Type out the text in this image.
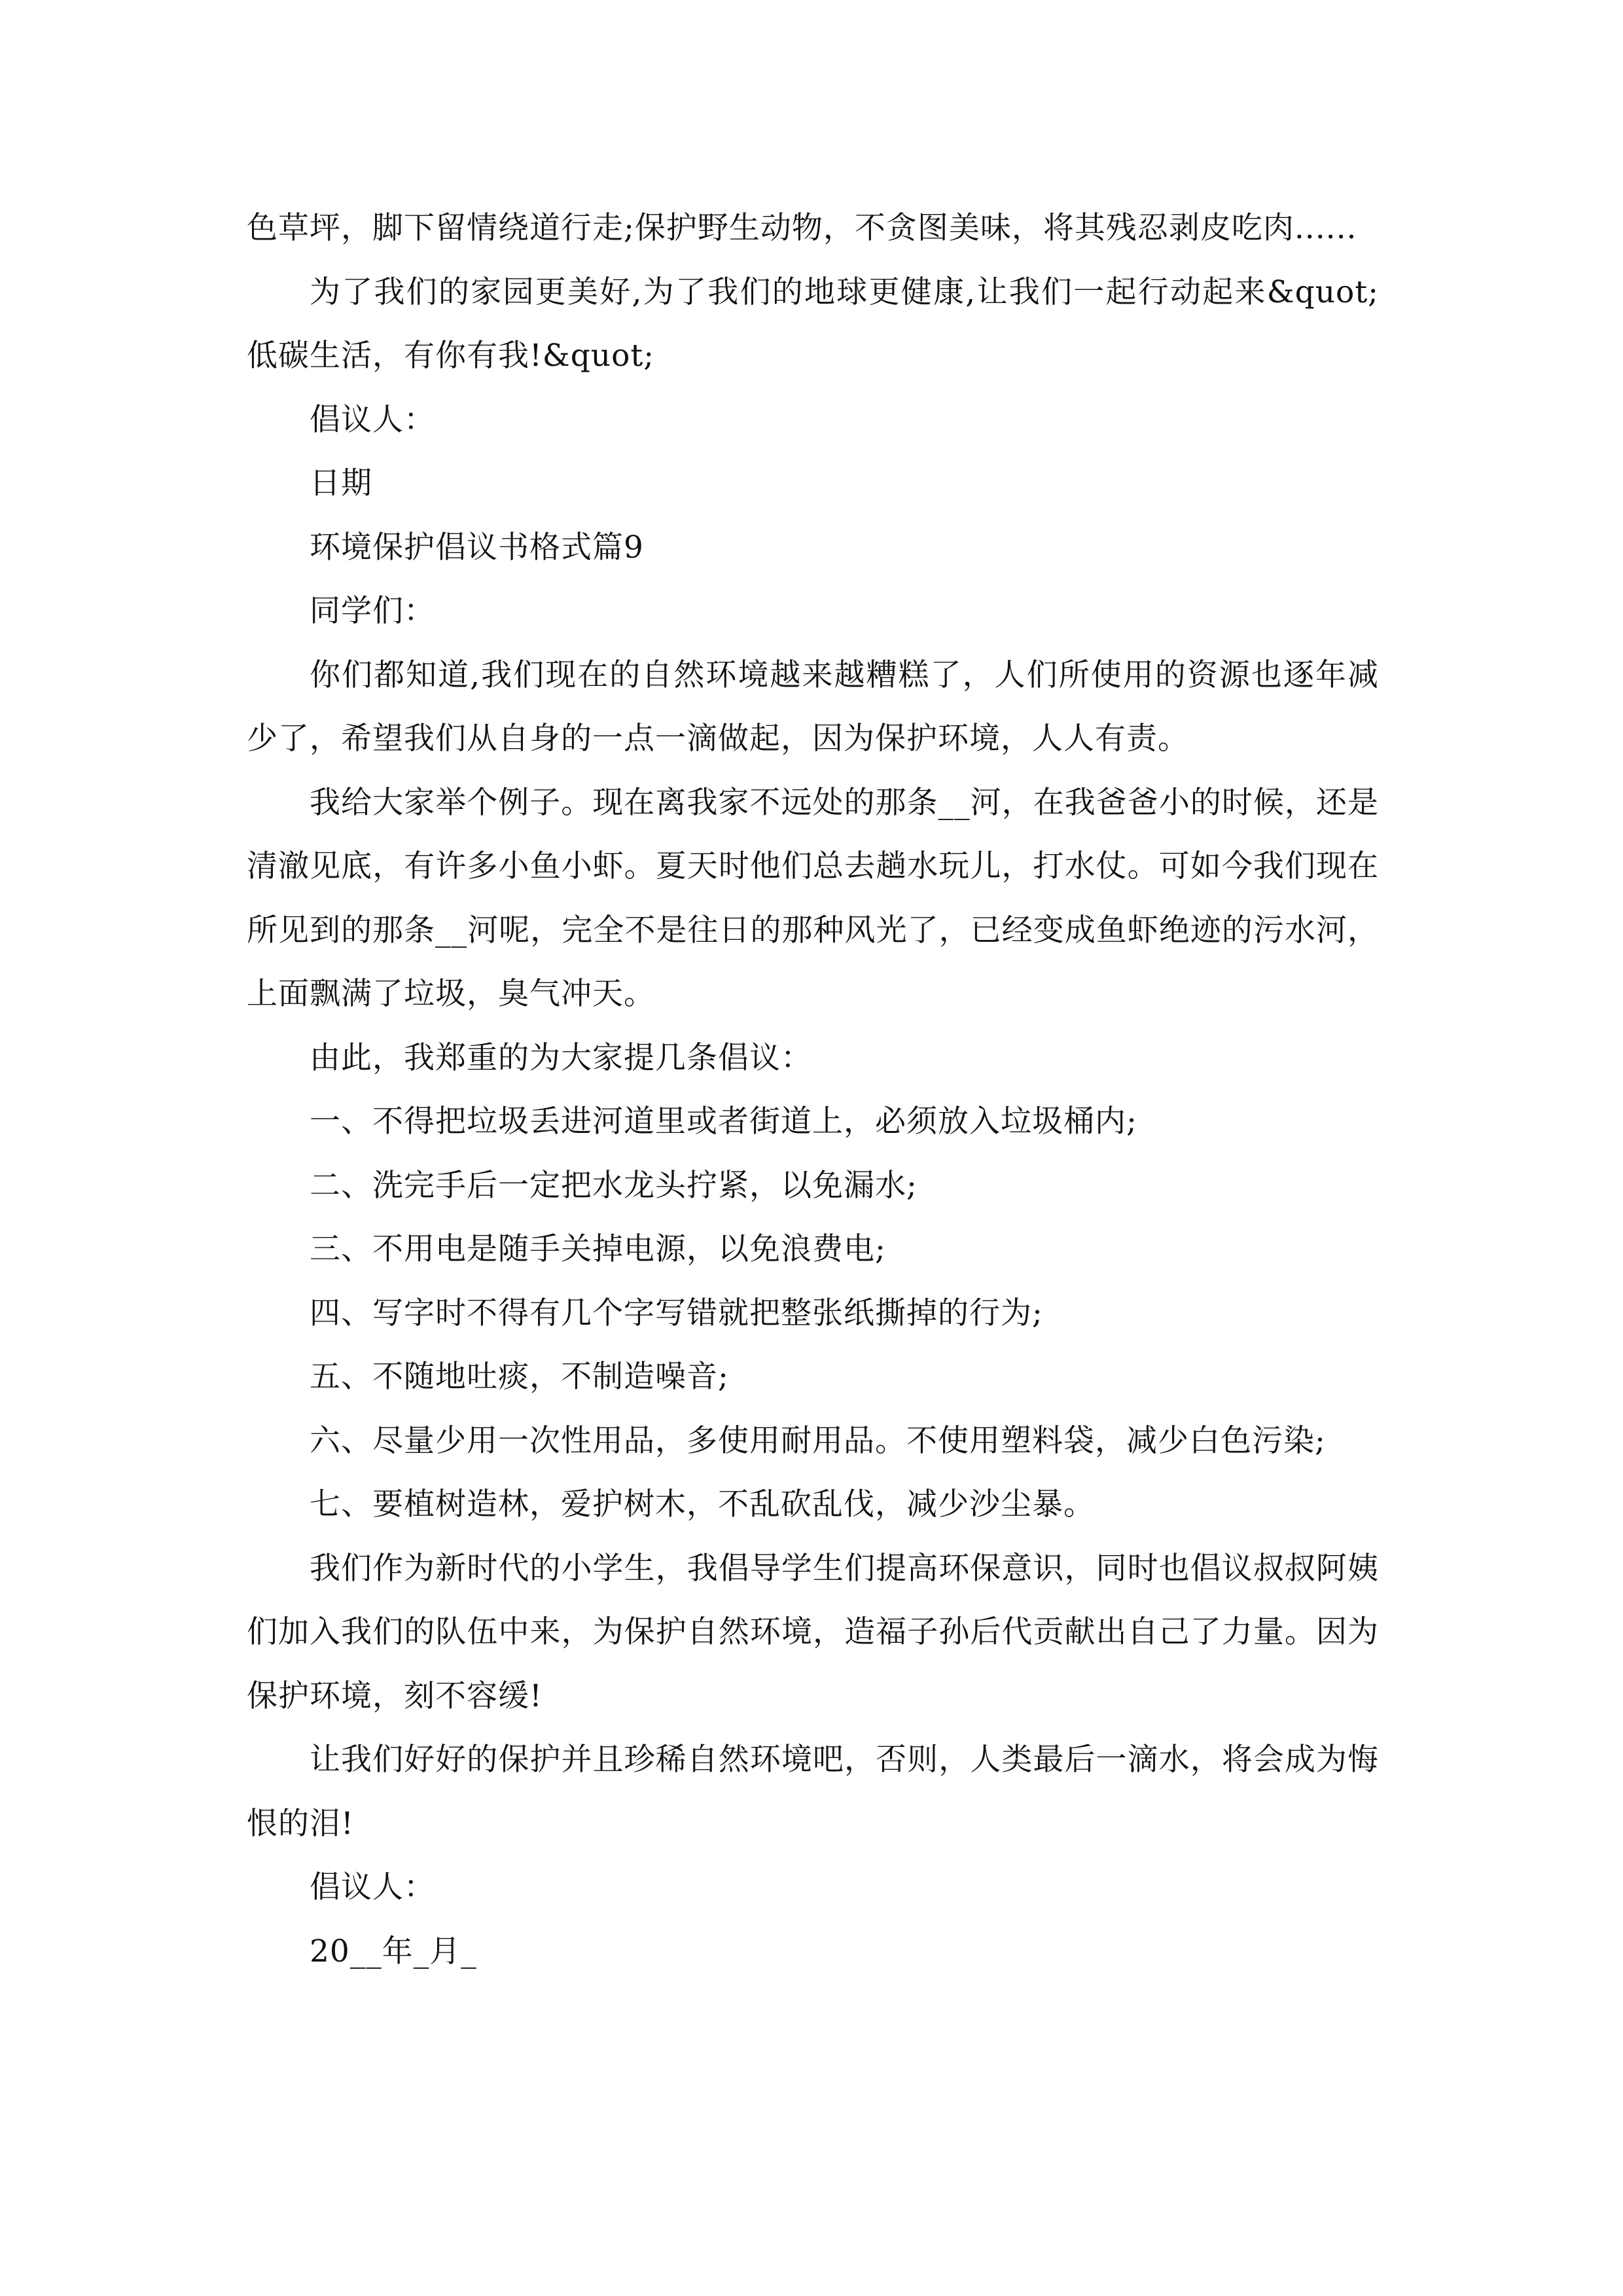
色草坪，脚下留情绕道行走;保护野生动物，不贪图美味，将其残忍剥皮吃肉......

为了我们的家园更美好,为了我们的地球更健康,让我们一起行动起来&quot;低碳生活，有你有我!&quot;

倡议人：

日期

环境保护倡议书格式篇9

同学们：

你们都知道,我们现在的自然环境越来越糟糕了，人们所使用的资源也逐年减少了，希望我们从自身的一点一滴做起，因为保护环境，人人有责。

我给大家举个例子。现在离我家不远处的那条__河，在我爸爸小的时候，还是清澈见底，有许多小鱼小虾。夏天时他们总去趟水玩儿，打水仗。可如今我们现在所见到的那条__河呢，完全不是往日的那种风光了，已经变成鱼虾绝迹的污水河，上面飘满了垃圾，臭气冲天。

由此，我郑重的为大家提几条倡议：

一、不得把垃圾丢进河道里或者街道上，必须放入垃圾桶内;

二、洗完手后一定把水龙头拧紧，以免漏水;

三、不用电是随手关掉电源，以免浪费电;

四、写字时不得有几个字写错就把整张纸撕掉的行为;

五、不随地吐痰，不制造噪音;

六、尽量少用一次性用品，多使用耐用品。不使用塑料袋，减少白色污染;

七、要植树造林，爱护树木，不乱砍乱伐，减少沙尘暴。

我们作为新时代的小学生，我倡导学生们提高环保意识，同时也倡议叔叔阿姨们加入我们的队伍中来，为保护自然环境，造福子孙后代贡献出自己了力量。因为保护环境，刻不容缓!

让我们好好的保护并且珍稀自然环境吧，否则，人类最后一滴水，将会成为悔恨的泪!

倡议人：

20__年_月_
